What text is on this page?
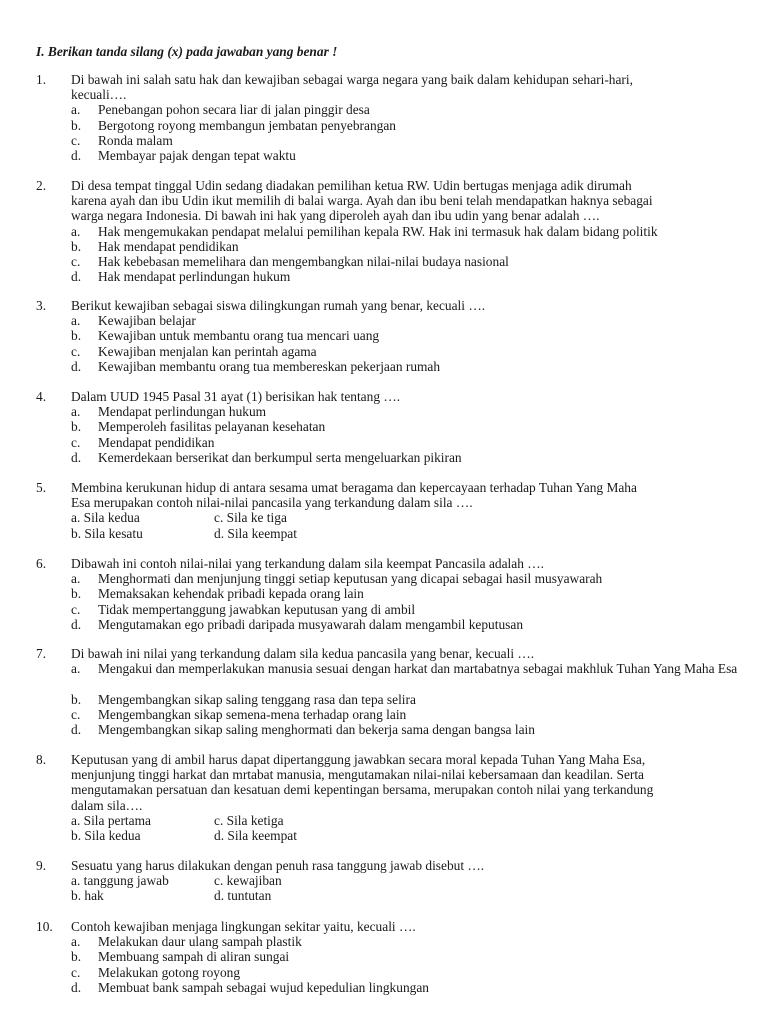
I. Berikan tanda silang (x) pada jawaban yang benar !
1. Di bawah ini salah satu hak dan kewajiban sebagai warga negara yang baik dalam kehidupan sehari-hari,
kecuali….
a. Penebangan pohon secara liar di jalan pinggir desa
b. Bergotong royong membangun jembatan penyebrangan
c. Ronda malam
d. Membayar pajak dengan tepat waktu
2. Di desa tempat tinggal Udin sedang diadakan pemilihan ketua RW. Udin bertugas menjaga adik dirumah
karena ayah dan ibu Udin ikut memilih di balai warga. Ayah dan ibu beni telah mendapatkan haknya sebagai
warga negara Indonesia. Di bawah ini hak yang diperoleh ayah dan ibu udin yang benar adalah ….
a. Hak mengemukakan pendapat melalui pemilihan kepala RW. Hak ini termasuk hak dalam bidang politik
b. Hak mendapat pendidikan
c. Hak kebebasan memelihara dan mengembangkan nilai-nilai budaya nasional
d. Hak mendapat perlindungan hukum
3. Berikut kewajiban sebagai siswa dilingkungan rumah yang benar, kecuali ….
a. Kewajiban belajar
b. Kewajiban untuk membantu orang tua mencari uang
c. Kewajiban menjalan kan perintah agama
d. Kewajiban membantu orang tua membereskan pekerjaan rumah
4. Dalam UUD 1945 Pasal 31 ayat (1) berisikan hak tentang ….
a. Mendapat perlindungan hukum
b. Memperoleh fasilitas pelayanan kesehatan
c. Mendapat pendidikan
d. Kemerdekaan berserikat dan berkumpul serta mengeluarkan pikiran
5. Membina kerukunan hidup di antara sesama umat beragama dan kepercayaan terhadap Tuhan Yang Maha
Esa merupakan contoh nilai-nilai pancasila yang terkandung dalam sila ….
a. Sila kedua	c. Sila ke tiga
b. Sila kesatu	d. Sila keempat
6. Dibawah ini contoh nilai-nilai yang terkandung dalam sila keempat Pancasila adalah ….
a. Menghormati dan menjunjung tinggi setiap keputusan yang dicapai sebagai hasil musyawarah
b. Memaksakan kehendak pribadi kepada orang lain
c. Tidak mempertanggung jawabkan keputusan yang di ambil
d. Mengutamakan ego pribadi daripada musyawarah dalam mengambil keputusan
7. Di bawah ini nilai yang terkandung dalam sila kedua pancasila yang benar, kecuali ….
a. Mengakui dan memperlakukan manusia sesuai dengan harkat dan martabatnya sebagai makhluk Tuhan Yang Maha Esa
b. Mengembangkan sikap saling tenggang rasa dan tepa selira
c. Mengembangkan sikap semena-mena terhadap orang lain
d. Mengembangkan sikap saling menghormati dan bekerja sama dengan bangsa lain
8. Keputusan yang di ambil harus dapat dipertanggung jawabkan secara moral kepada Tuhan Yang Maha Esa,
menjunjung tinggi harkat dan mrtabat manusia, mengutamakan nilai-nilai kebersamaan dan keadilan. Serta
mengutamakan persatuan dan kesatuan demi kepentingan bersama, merupakan contoh nilai yang terkandung
dalam sila….
a. Sila pertama	c. Sila ketiga
b. Sila kedua	d. Sila keempat
9. Sesuatu yang harus dilakukan dengan penuh rasa tanggung jawab disebut ….
a. tanggung jawab	c. kewajiban
b. hak	d. tuntutan
10. Contoh kewajiban menjaga lingkungan sekitar yaitu, kecuali ….
a. Melakukan daur ulang sampah plastik
b. Membuang sampah di aliran sungai
c. Melakukan gotong royong
d. Membuat bank sampah sebagai wujud kepedulian lingkungan
